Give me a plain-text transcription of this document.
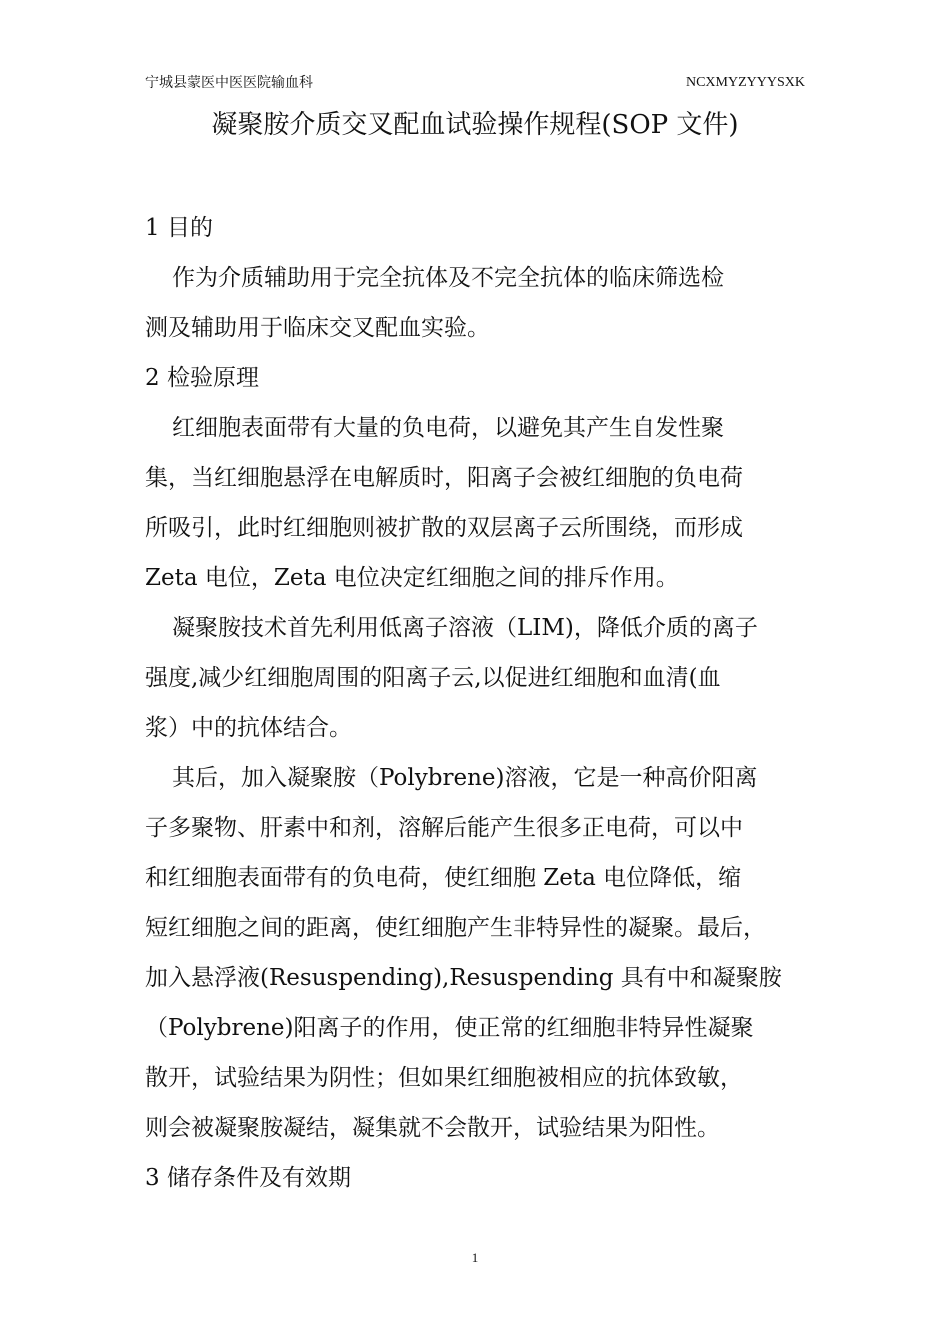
宁城县蒙医中医医院输血科	NCXMYZYYYSXK
凝聚胺介质交叉配血试验操作规程(SOP 文件)

1 目的

作为介质辅助用于完全抗体及不完全抗体的临床筛选检

测及辅助用于临床交叉配血实验。

2 检验原理

红细胞表面带有大量的负电荷，以避免其产生自发性聚

集，当红细胞悬浮在电解质时，阳离子会被红细胞的负电荷

所吸引，此时红细胞则被扩散的双层离子云所围绕，而形成

Zeta 电位，Zeta 电位决定红细胞之间的排斥作用。

凝聚胺技术首先利用低离子溶液（LIM)，降低介质的离子

强度,减少红细胞周围的阳离子云,以促进红细胞和血清(血

浆）中的抗体结合。

其后，加入凝聚胺（Polybrene)溶液，它是一种高价阳离

子多聚物、肝素中和剂，溶解后能产生很多正电荷，可以中

和红细胞表面带有的负电荷，使红细胞 Zeta 电位降低，缩

短红细胞之间的距离，使红细胞产生非特异性的凝聚。最后，

加入悬浮液(Resuspending),Resuspending 具有中和凝聚胺

（Polybrene)阳离子的作用，使正常的红细胞非特异性凝聚

散开，试验结果为阴性；但如果红细胞被相应的抗体致敏，

则会被凝聚胺凝结，凝集就不会散开，试验结果为阳性。

3 储存条件及有效期

1
